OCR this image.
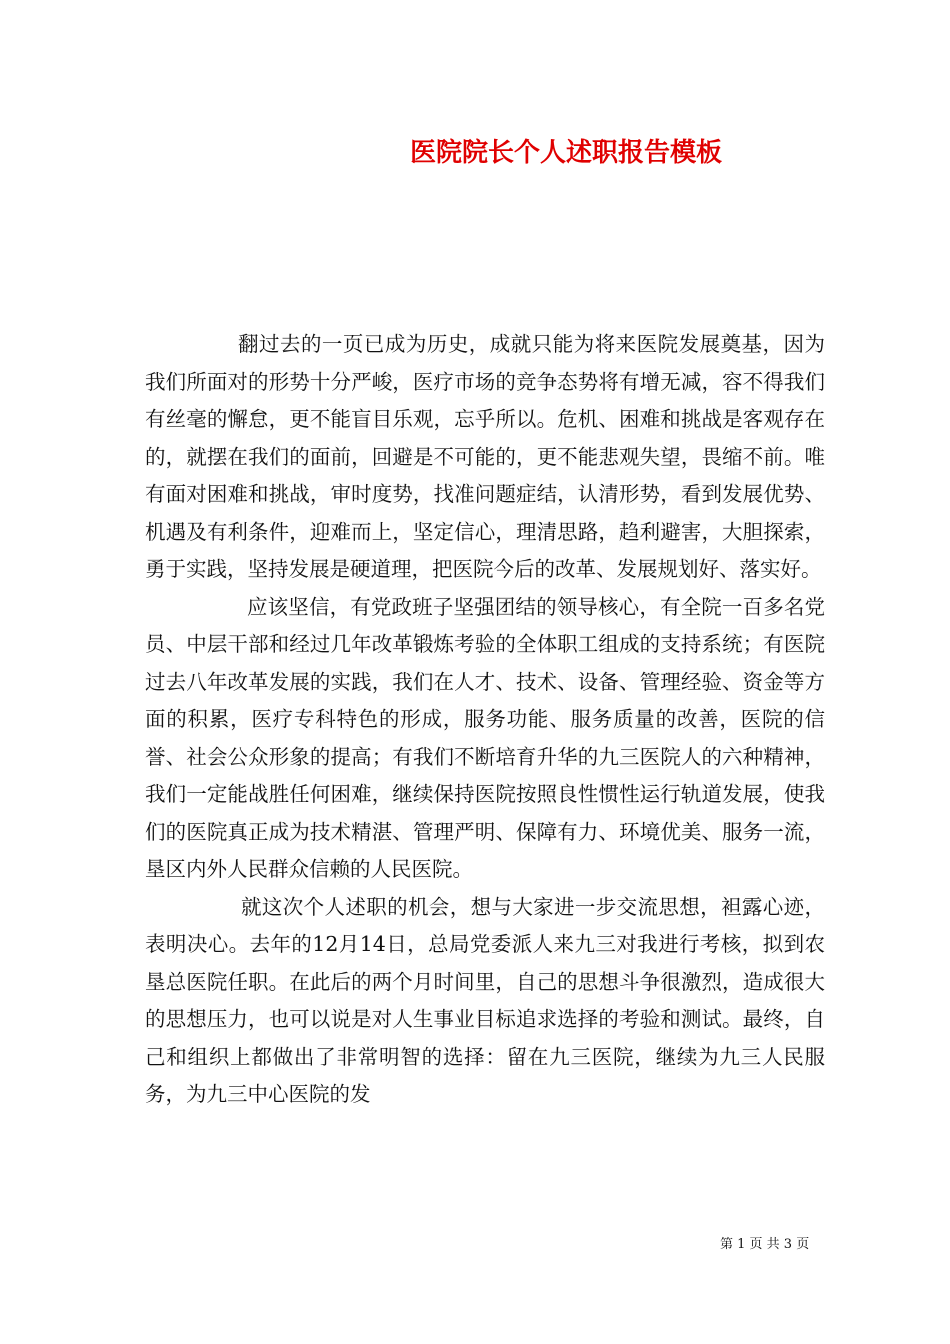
医院院长个人述职报告模板

翻过去的一页已成为历史，成就只能为将来医院发展奠基，因为我们所面对的形势十分严峻，医疗市场的竞争态势将有增无减，容不得我们有丝毫的懈怠，更不能盲目乐观，忘乎所以。危机、困难和挑战是客观存在的，就摆在我们的面前，回避是不可能的，更不能悲观失望，畏缩不前。唯有面对困难和挑战，审时度势，找准问题症结，认清形势，看到发展优势、机遇及有利条件，迎难而上，坚定信心，理清思路，趋利避害，大胆探索，勇于实践，坚持发展是硬道理，把医院今后的改革、发展规划好、落实好。

应该坚信，有党政班子坚强团结的领导核心，有全院一百多名党员、中层干部和经过几年改革锻炼考验的全体职工组成的支持系统；有医院过去八年改革发展的实践，我们在人才、技术、设备、管理经验、资金等方面的积累，医疗专科特色的形成，服务功能、服务质量的改善，医院的信誉、社会公众形象的提高；有我们不断培育升华的九三医院人的六种精神，我们一定能战胜任何困难，继续保持医院按照良性惯性运行轨道发展，使我们的医院真正成为技术精湛、管理严明、保障有力、环境优美、服务一流，垦区内外人民群众信赖的人民医院。

就这次个人述职的机会，想与大家进一步交流思想，袒露心迹，表明决心。去年的12月14日，总局党委派人来九三对我进行考核，拟到农垦总医院任职。在此后的两个月时间里，自己的思想斗争很激烈，造成很大的思想压力，也可以说是对人生事业目标追求选择的考验和测试。最终，自己和组织上都做出了非常明智的选择：留在九三医院，继续为九三人民服务，为九三中心医院的发

第 1 页 共 3 页
